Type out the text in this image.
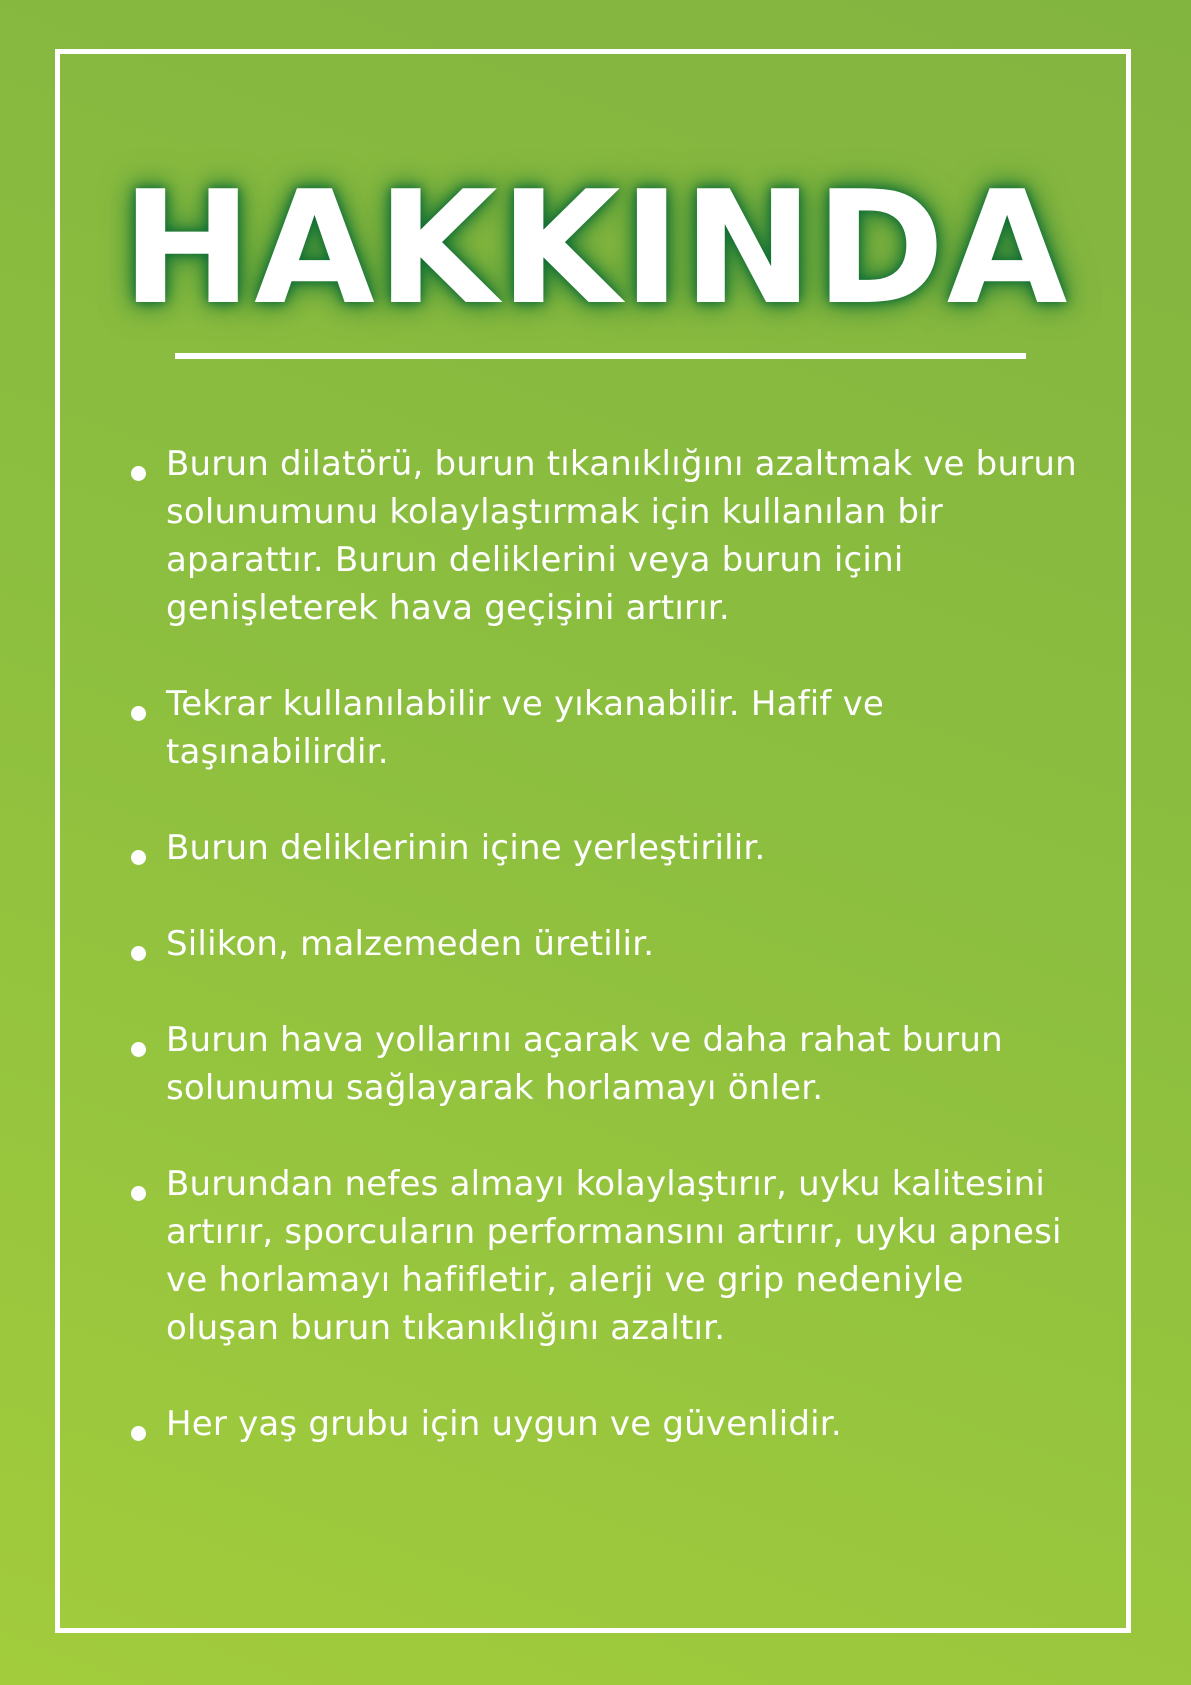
HAKKINDA
Burun dilatörü, burun tıkanıklığını azaltmak ve burun solunumunu kolaylaştırmak için kullanılan bir aparattır. Burun deliklerini veya burun içini genişleterek hava geçişini artırır.
Tekrar kullanılabilir ve yıkanabilir. Hafif ve taşınabilirdir.
Burun deliklerinin içine yerleştirilir.
Silikon, malzemeden üretilir.
Burun hava yollarını açarak ve daha rahat burun solunumu sağlayarak horlamayı önler.
Burundan nefes almayı kolaylaştırır, uyku kalitesini artırır, sporcuların performansını artırır, uyku apnesi ve horlamayı hafifletir, alerji ve grip nedeniyle oluşan burun tıkanıklığını azaltır.
Her yaş grubu için uygun ve güvenlidir.
